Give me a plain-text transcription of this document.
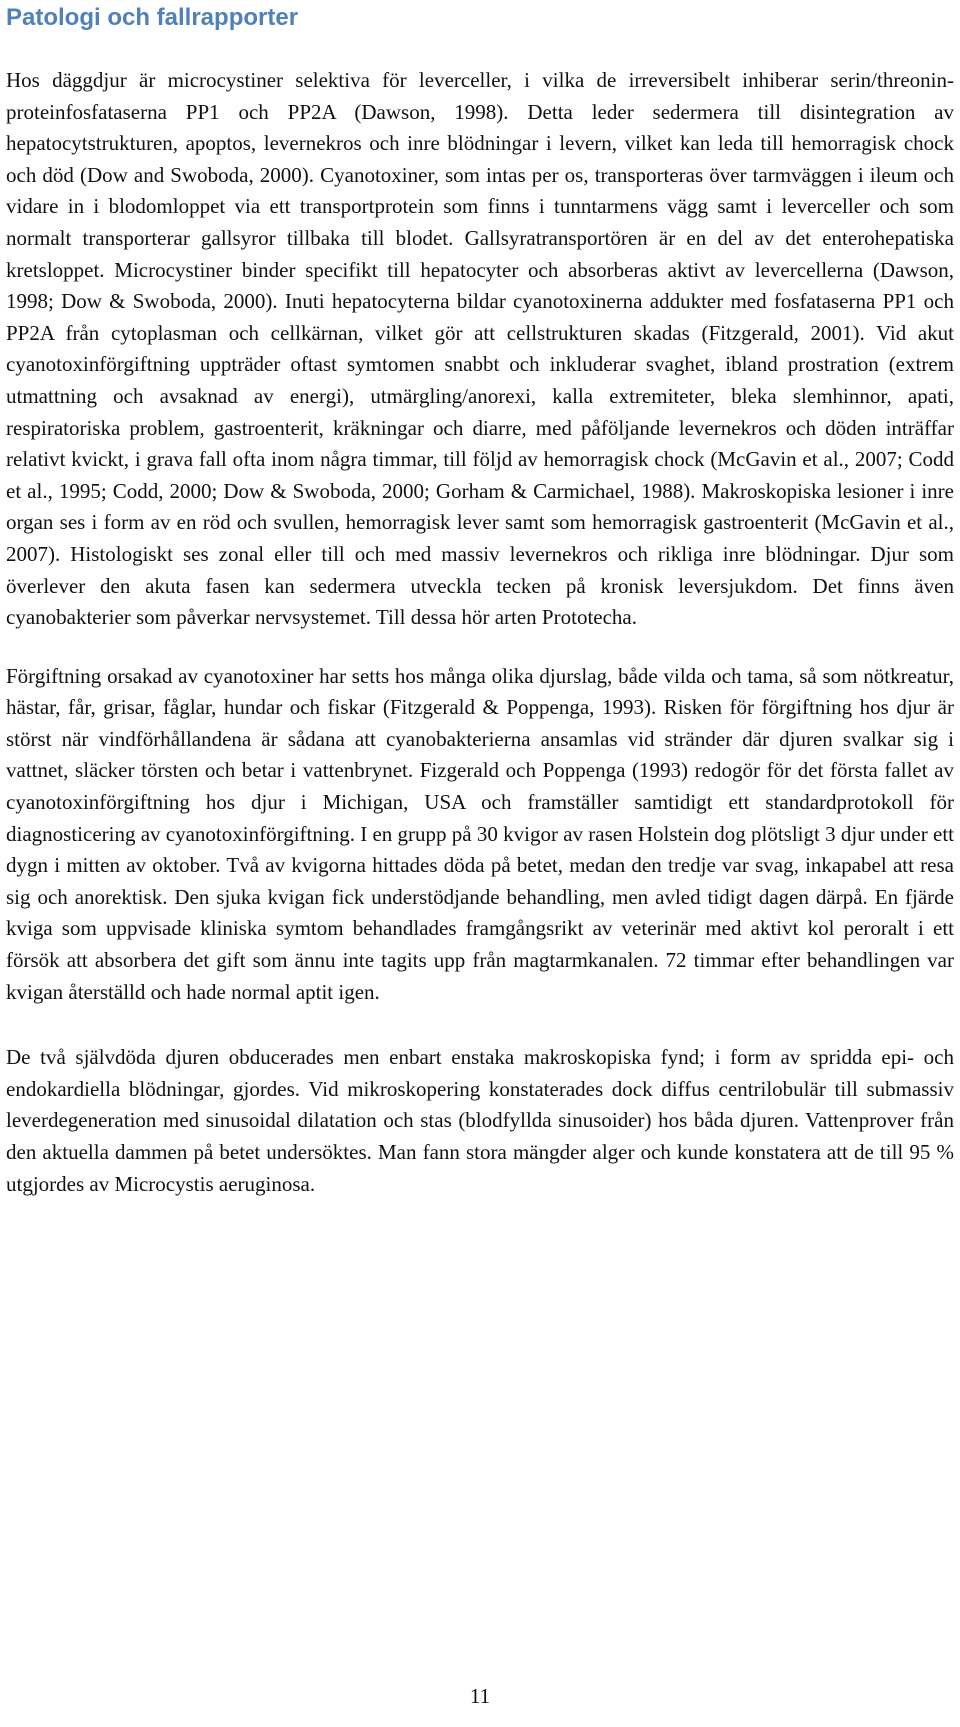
Patologi och fallrapporter

Hos däggdjur är microcystiner selektiva för leverceller, i vilka de irreversibelt inhiberar serin/threonin-proteinfosfataserna PP1 och PP2A (Dawson, 1998). Detta leder sedermera till disintegration av hepatocytstrukturen, apoptos, levernekros och inre blödningar i levern, vilket kan leda till hemorragisk chock och död (Dow and Swoboda, 2000). Cyanotoxiner, som intas per os, transporteras över tarmväggen i ileum och vidare in i blodomloppet via ett transportprotein som finns i tunntarmens vägg samt i leverceller och som normalt transporterar gallsyror tillbaka till blodet. Gallsyratransportören är en del av det enterohepatiska kretsloppet. Microcystiner binder specifikt till hepatocyter och absorberas aktivt av levercellerna (Dawson, 1998; Dow & Swoboda, 2000). Inuti hepatocyterna bildar cyanotoxinerna addukter med fosfataserna PP1 och PP2A från cytoplasman och cellkärnan, vilket gör att cellstrukturen skadas (Fitzgerald, 2001). Vid akut cyanotoxinförgiftning uppträder oftast symtomen snabbt och inkluderar svaghet, ibland prostration (extrem utmattning och avsaknad av energi), utmärgling/anorexi, kalla extremiteter, bleka slemhinnor, apati, respiratoriska problem, gastroenterit, kräkningar och diarre, med påföljande levernekros och döden inträffar relativt kvickt, i grava fall ofta inom några timmar, till följd av hemorragisk chock (McGavin et al., 2007; Codd et al., 1995; Codd, 2000; Dow & Swoboda, 2000; Gorham & Carmichael, 1988). Makroskopiska lesioner i inre organ ses i form av en röd och svullen, hemorragisk lever samt som hemorragisk gastroenterit (McGavin et al., 2007). Histologiskt ses zonal eller till och med massiv levernekros och rikliga inre blödningar. Djur som överlever den akuta fasen kan sedermera utveckla tecken på kronisk leversjukdom. Det finns även cyanobakterier som påverkar nervsystemet. Till dessa hör arten Prototecha.

Förgiftning orsakad av cyanotoxiner har setts hos många olika djurslag, både vilda och tama, så som nötkreatur, hästar, får, grisar, fåglar, hundar och fiskar (Fitzgerald & Poppenga, 1993). Risken för förgiftning hos djur är störst när vindförhållandena är sådana att cyanobakterierna ansamlas vid stränder där djuren svalkar sig i vattnet, släcker törsten och betar i vattenbrynet. Fizgerald och Poppenga (1993) redogör för det första fallet av cyanotoxinförgiftning hos djur i Michigan, USA och framställer samtidigt ett standardprotokoll för diagnosticering av cyanotoxinförgiftning. I en grupp på 30 kvigor av rasen Holstein dog plötsligt 3 djur under ett dygn i mitten av oktober. Två av kvigorna hittades döda på betet, medan den tredje var svag, inkapabel att resa sig och anorektisk. Den sjuka kvigan fick understödjande behandling, men avled tidigt dagen därpå. En fjärde kviga som uppvisade kliniska symtom behandlades framgångsrikt av veterinär med aktivt kol peroralt i ett försök att absorbera det gift som ännu inte tagits upp från magtarmkanalen. 72 timmar efter behandlingen var kvigan återställd och hade normal aptit igen.

De två självdöda djuren obducerades men enbart enstaka makroskopiska fynd; i form av spridda epi- och endokardiella blödningar, gjordes. Vid mikroskopering konstaterades dock diffus centrilobulär till submassiv leverdegeneration med sinusoidal dilatation och stas (blodfyllda sinusoider) hos båda djuren. Vattenprover från den aktuella dammen på betet undersöktes. Man fann stora mängder alger och kunde konstatera att de till 95 % utgjordes av Microcystis aeruginosa.

11
